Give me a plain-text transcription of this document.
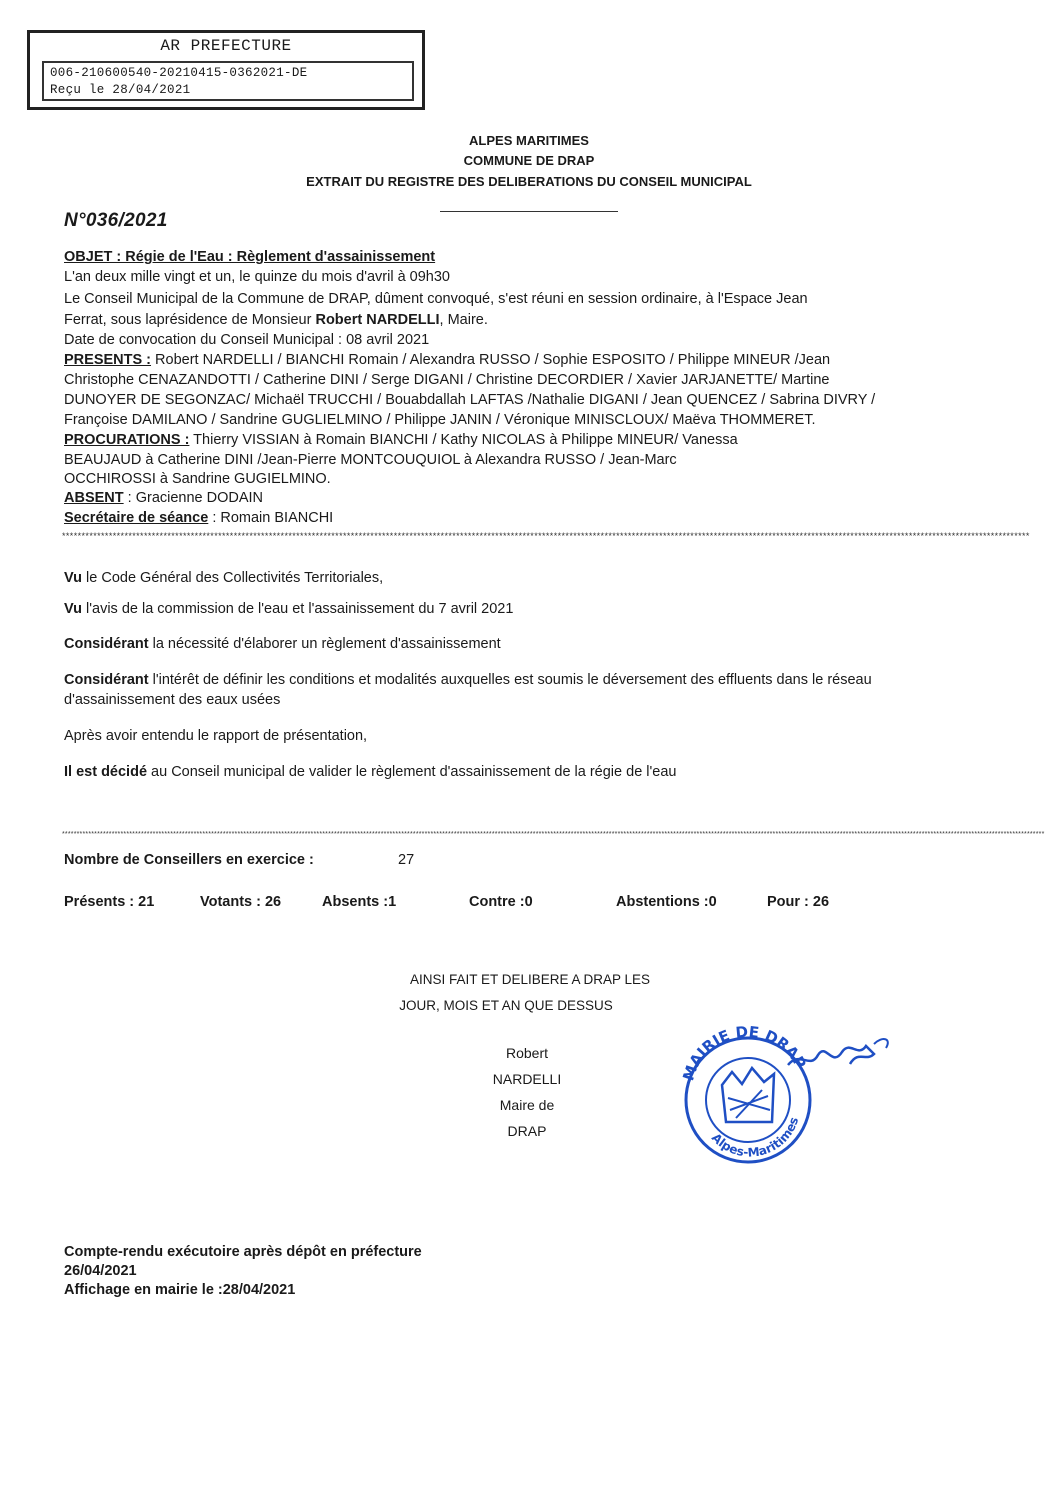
AR PREFECTURE
006-210600540-20210415-0362021-DE
Reçu le 28/04/2021
ALPES MARITIMES
COMMUNE DE DRAP
EXTRAIT DU REGISTRE DES DELIBERATIONS DU CONSEIL MUNICIPAL
N°036/2021
OBJET : Régie de l'Eau : Règlement d'assainissement
L'an deux mille vingt et un, le quinze du mois d'avril à 09h30
Le Conseil Municipal de la Commune de DRAP, dûment convoqué, s'est réuni en session ordinaire, à l'Espace Jean
Ferrat, sous laprésidence de Monsieur Robert NARDELLI, Maire.
Date de convocation du Conseil Municipal : 08 avril 2021
PRESENTS : Robert NARDELLI / BIANCHI Romain / Alexandra RUSSO / Sophie ESPOSITO / Philippe MINEUR /Jean
Christophe CENAZANDOTTI / Catherine DINI / Serge DIGANI / Christine DECORDIER / Xavier JARJANETTE/ Martine
DUNOYER DE SEGONZAC/ Michaël TRUCCHI / Bouabdallah LAFTAS /Nathalie DIGANI / Jean QUENCEZ / Sabrina DIVRY /
Françoise DAMILANO / Sandrine GUGLIELMINO / Philippe JANIN / Véronique MINISCLOUX/ Maëva THOMMERET.
PROCURATIONS : Thierry VISSIAN à Romain BIANCHI / Kathy NICOLAS à Philippe MINEUR/ Vanessa
BEAUJAUD à Catherine DINI /Jean-Pierre MONTCOUQUIOL à Alexandra RUSSO / Jean-Marc
OCCHIROSSI à Sandrine GUGIELMINO.
ABSENT : Gracienne DODAIN
Secrétaire de séance : Romain BIANCHI
********************************************************************************************************************************************************************************************************************************************************
Vu le Code Général des Collectivités Territoriales,
Vu l'avis de la commission de l'eau et l'assainissement du 7 avril 2021
Considérant la nécessité d'élaborer un règlement d'assainissement
Considérant l'intérêt de définir les conditions et modalités auxquelles est soumis le déversement des effluents dans le réseau d'assainissement des eaux usées
Après avoir entendu le rapport de présentation,
Il est décidé au Conseil municipal de valider le règlement d'assainissement de la régie de l'eau
************************************************************************************************************************************************************************************************************************************************************************************************************************************************
Nombre de Conseillers en exercice :	27
Présents : 21	Votants : 26	Absents :1	Contre :0	Abstentions :0	Pour : 26
AINSI FAIT ET DELIBERE A DRAP LES
JOUR, MOIS ET AN QUE DESSUS
Robert
NARDELLI
Maire de
DRAP
MAIRIE DE DRAP
Alpes-Maritimes
Compte-rendu exécutoire après dépôt en préfecture
26/04/2021
Affichage en mairie le :28/04/2021
